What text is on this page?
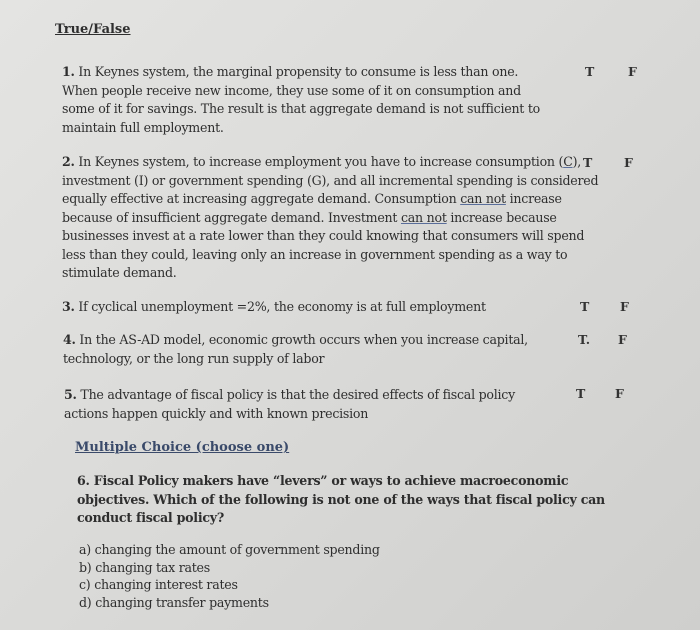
True/False
1. In Keynes system, the marginal propensity to consume is less than one. When people receive new income, they use some of it on consumption and some of it for savings. The result is that aggregate demand is not sufficient to maintain full employment.
T	F
2. In Keynes system, to increase employment you have to increase consumption (C), investment (I) or government spending (G), and all incremental spending is considered equally effective at increasing aggregate demand. Consumption can not increase because of insufficient aggregate demand. Investment can not increase because businesses invest at a rate lower than they could knowing that consumers will spend less than they could, leaving only an increase in government spending as a way to stimulate demand.
T	F
3. If cyclical unemployment =2%, the economy is at full employment	T F
4. In the AS-AD model, economic growth occurs when you increase capital, technology, or the long run supply of labor
T. F
5. The advantage of fiscal policy is that the desired effects of fiscal policy actions happen quickly and with known precision
T F
Multiple Choice (choose one)
6. Fiscal Policy makers have “levers” or ways to achieve macroeconomic objectives. Which of the following is not one of the ways that fiscal policy can conduct fiscal policy?
a) changing the amount of government spending
b) changing tax rates
c) changing interest rates
d) changing transfer payments
